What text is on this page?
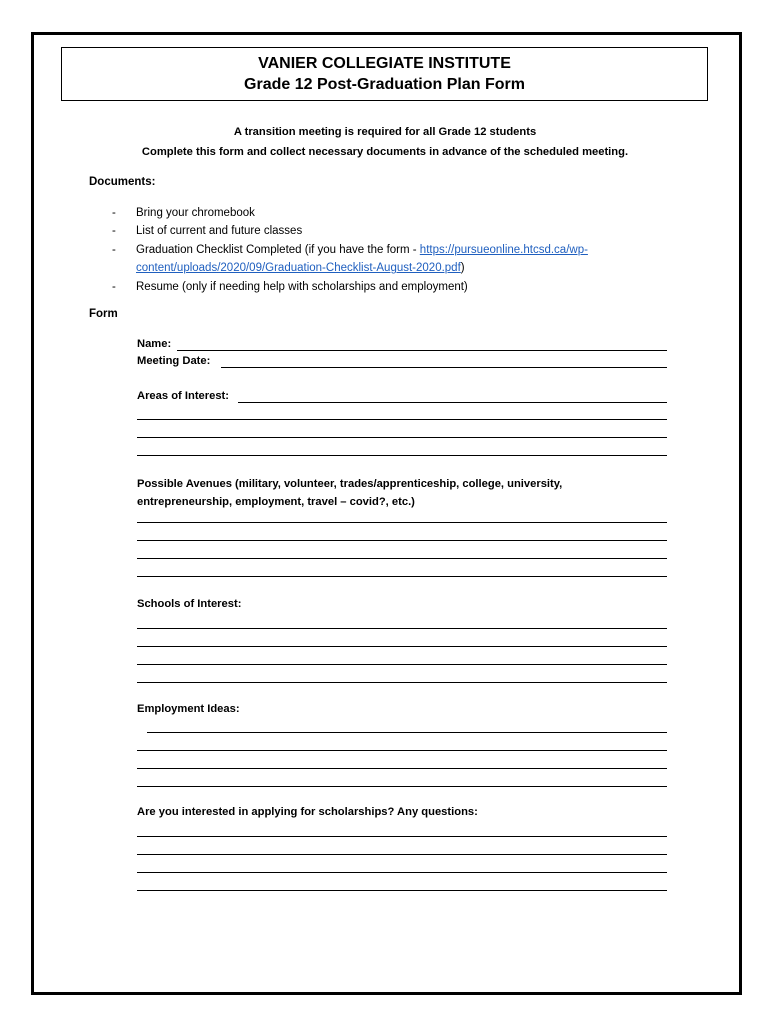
VANIER COLLEGIATE INSTITUTE
Grade 12 Post-Graduation Plan Form
A transition meeting is required for all Grade 12 students
Complete this form and collect necessary documents in advance of the scheduled meeting.
Documents:
-	Bring your chromebook
-	List of current and future classes
-	Graduation Checklist Completed (if you have the form - https://pursueonline.htcsd.ca/wp-content/uploads/2020/09/Graduation-Checklist-August-2020.pdf)
-	Resume (only if needing help with scholarships and employment)
Form
Name:
Meeting Date:
Areas of Interest:
Possible Avenues (military, volunteer, trades/apprenticeship, college, university, entrepreneurship, employment, travel – covid?, etc.)
Schools of Interest:
Employment Ideas:
Are you interested in applying for scholarships? Any questions:
